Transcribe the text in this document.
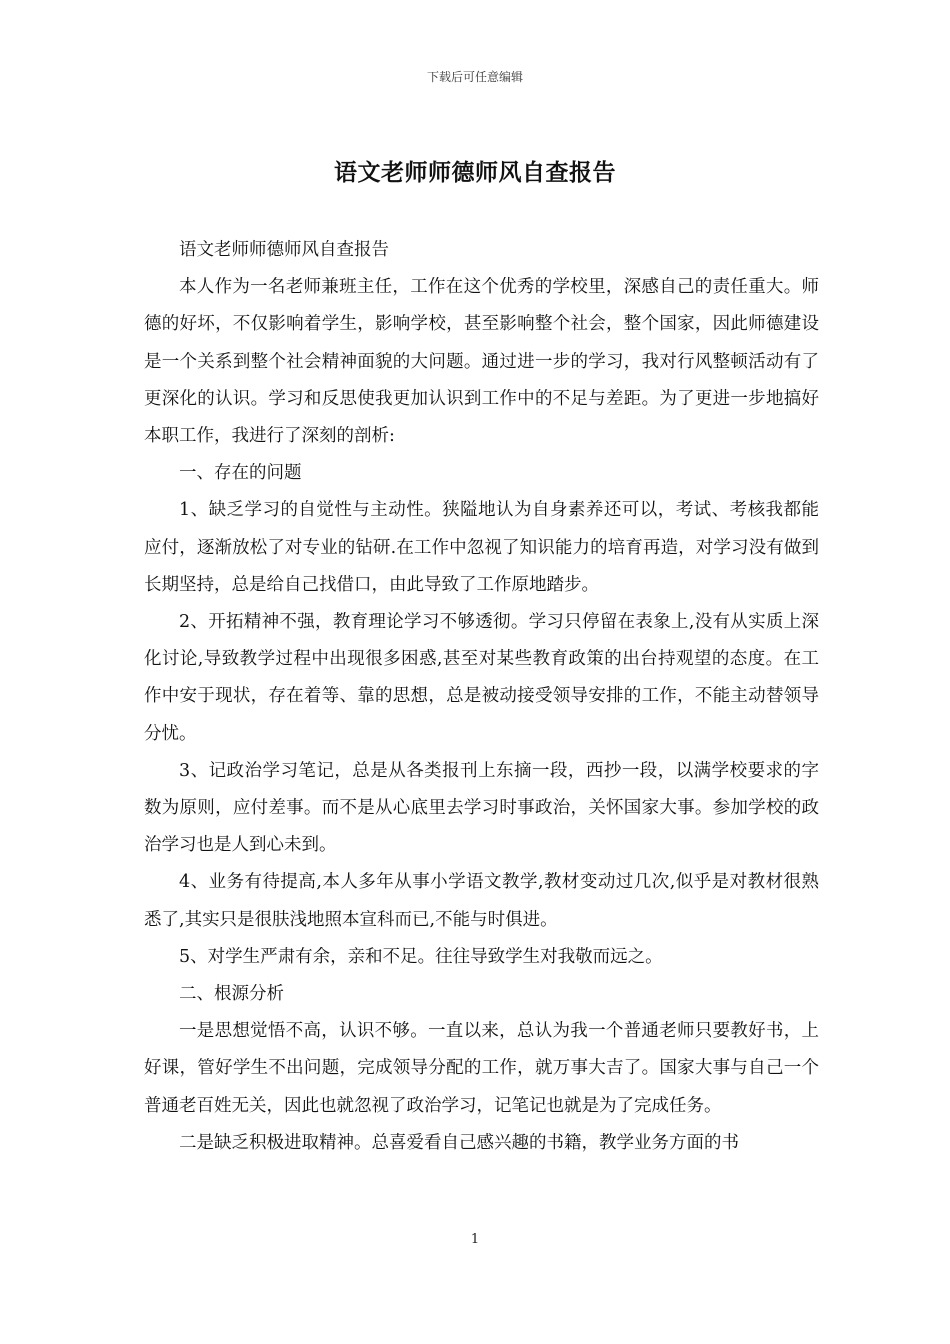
下载后可任意编辑
语文老师师德师风自查报告

语文老师师德师风自查报告

本人作为一名老师兼班主任，工作在这个优秀的学校里，深感自己的责任重大。师德的好坏，不仅影响着学生，影响学校，甚至影响整个社会，整个国家，因此师德建设是一个关系到整个社会精神面貌的大问题。通过进一步的学习，我对行风整顿活动有了更深化的认识。学习和反思使我更加认识到工作中的不足与差距。为了更进一步地搞好本职工作，我进行了深刻的剖析:

一、存在的问题

1、缺乏学习的自觉性与主动性。狭隘地认为自身素养还可以，考试、考核我都能应付，逐渐放松了对专业的钻研.在工作中忽视了知识能力的培育再造，对学习没有做到长期坚持，总是给自己找借口，由此导致了工作原地踏步。

2、开拓精神不强，教育理论学习不够透彻。学习只停留在表象上,没有从实质上深化讨论,导致教学过程中出现很多困惑,甚至对某些教育政策的出台持观望的态度。在工作中安于现状，存在着等、靠的思想，总是被动接受领导安排的工作，不能主动替领导分忧。

3、记政治学习笔记，总是从各类报刊上东摘一段，西抄一段，以满学校要求的字数为原则，应付差事。而不是从心底里去学习时事政治，关怀国家大事。参加学校的政治学习也是人到心未到。

4、业务有待提高,本人多年从事小学语文教学,教材变动过几次,似乎是对教材很熟悉了,其实只是很肤浅地照本宣科而已,不能与时俱进。

5、对学生严肃有余，亲和不足。往往导致学生对我敬而远之。

二、根源分析

一是思想觉悟不高，认识不够。一直以来，总认为我一个普通老师只要教好书，上好课，管好学生不出问题，完成领导分配的工作，就万事大吉了。国家大事与自己一个普通老百姓无关，因此也就忽视了政治学习，记笔记也就是为了完成任务。

二是缺乏积极进取精神。总喜爱看自己感兴趣的书籍，教学业务方面的书

1
